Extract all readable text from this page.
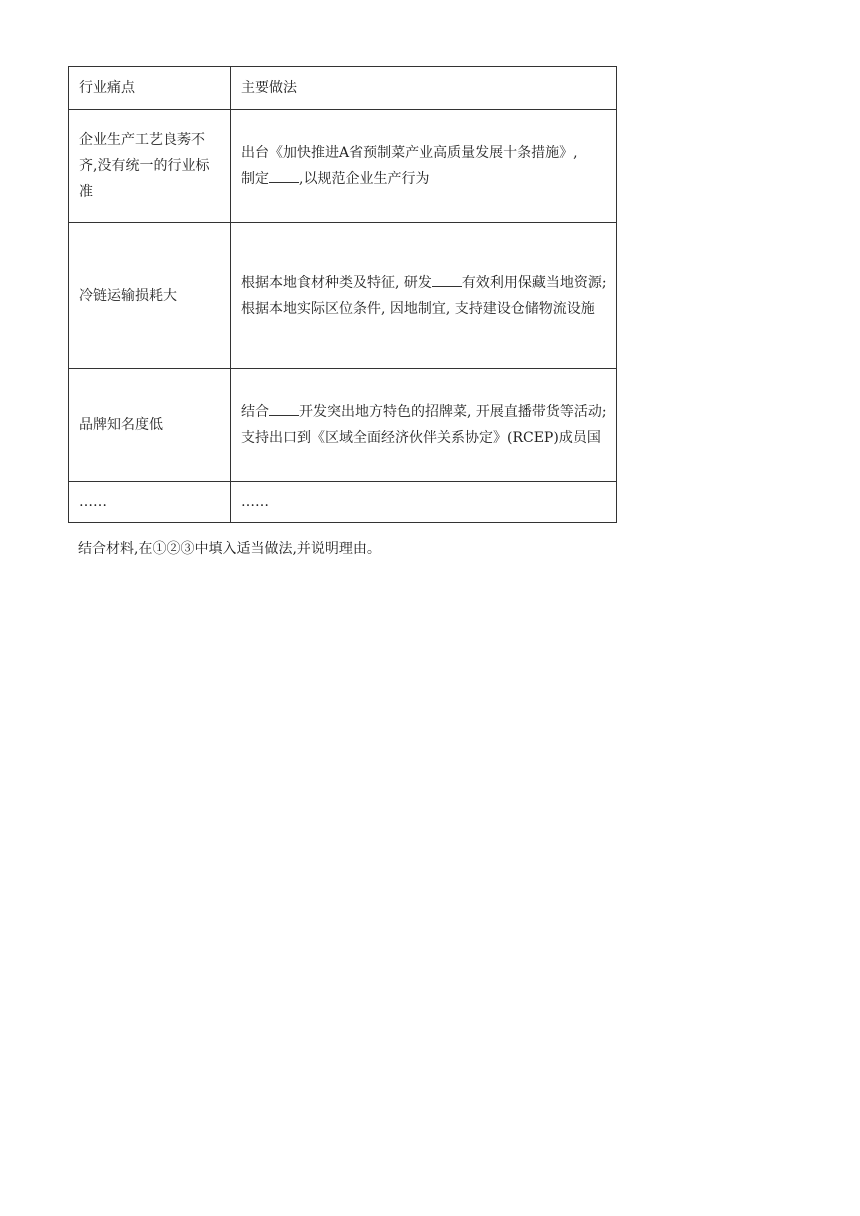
行业痛点	主要做法
企业生产工艺良莠不齐,没有统一的行业标准	出台《加快推进A省预制菜产业高质量发展十条措施》,
制定 ,以规范企业生产行为
冷链运输损耗大	根据本地食材种类及特征, 研发 有效利用保藏当地资源;
根据本地实际区位条件, 因地制宜, 支持建设仓储物流设施

品牌知名度低	结合 开发突出地方特色的招牌菜, 开展直播带货等活动;支持出口到《区域全面经济伙伴关系协定》(RCEP)成员国
……	……

结合材料,在①②③中填入适当做法,并说明理由。
